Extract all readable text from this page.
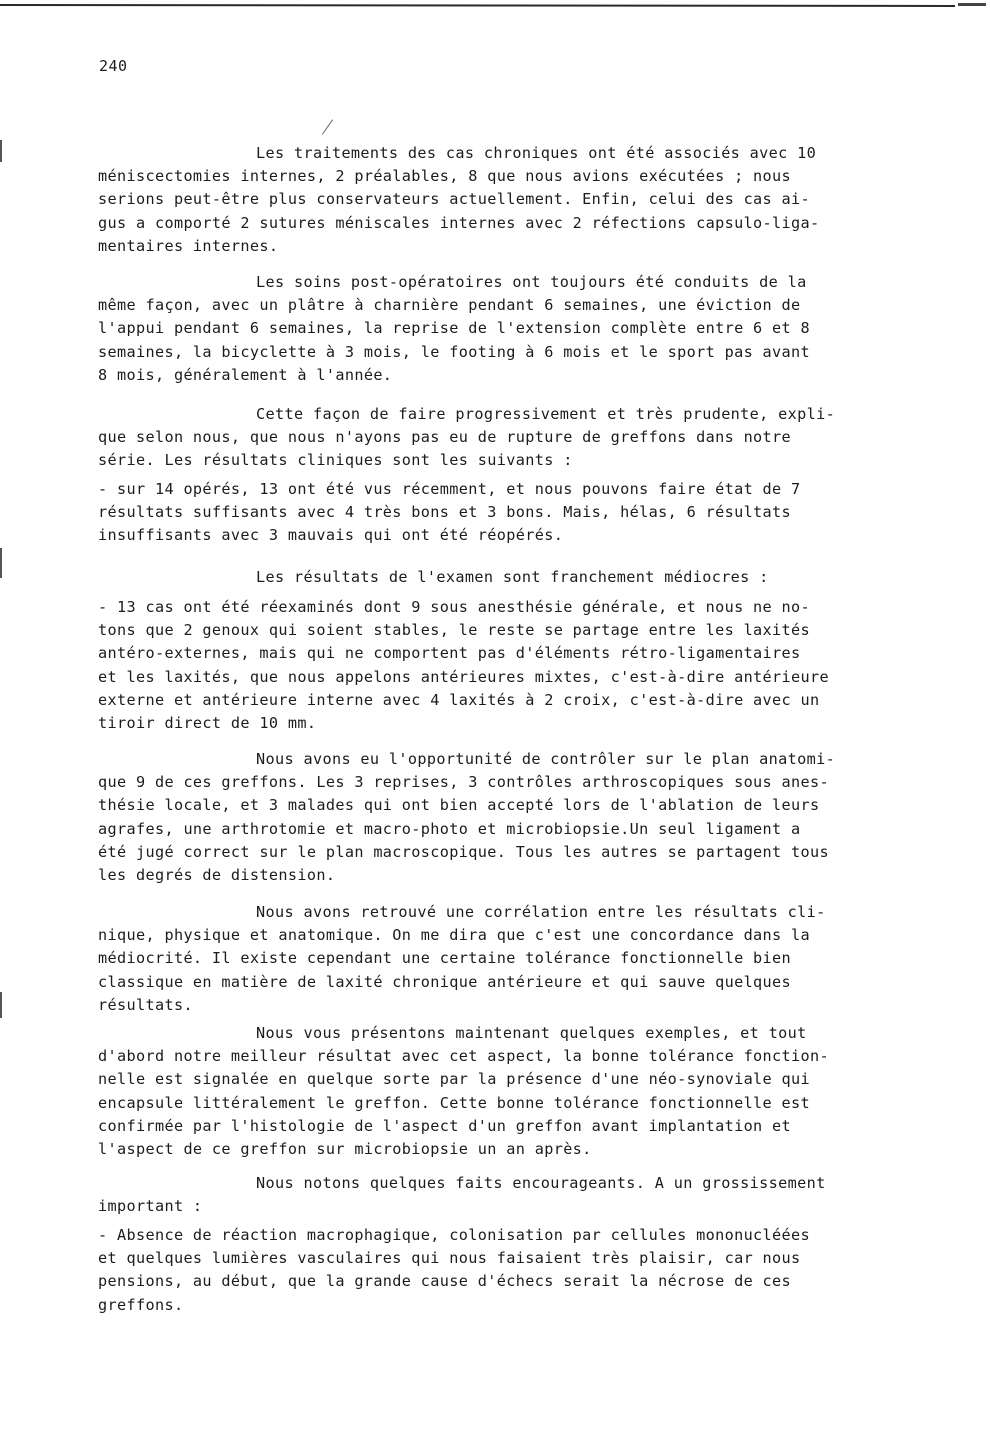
240
Les traitements des cas chroniques ont été associés avec 10
méniscectomies internes, 2 préalables, 8 que nous avions exécutées ; nous
serions peut-être plus conservateurs actuellement. Enfin, celui des cas ai-
gus a comporté 2 sutures méniscales internes avec 2 réfections capsulo-liga-
mentaires internes.
Les soins post-opératoires ont toujours été conduits de la
même façon, avec un plâtre à charnière pendant 6 semaines, une éviction de
l'appui pendant 6 semaines, la reprise de l'extension complète entre 6 et 8
semaines, la bicyclette à 3 mois, le footing à 6 mois et le sport pas avant
8 mois, généralement à l'année.
Cette façon de faire progressivement et très prudente, expli-
que selon nous, que nous n'ayons pas eu de rupture de greffons dans notre
série. Les résultats cliniques sont les suivants :
- sur 14 opérés, 13 ont été vus récemment, et nous pouvons faire état de 7
résultats suffisants avec 4 très bons et 3 bons. Mais, hélas, 6 résultats
insuffisants avec 3 mauvais qui ont été réopérés.
Les résultats de l'examen sont franchement médiocres :
- 13 cas ont été réexaminés dont 9 sous anesthésie générale, et nous ne no-
tons que 2 genoux qui soient stables, le reste se partage entre les laxités
antéro-externes, mais qui ne comportent pas d'éléments rétro-ligamentaires
et les laxités, que nous appelons antérieures mixtes, c'est-à-dire antérieure
externe et antérieure interne avec 4 laxités à 2 croix, c'est-à-dire avec un
tiroir direct de 10 mm.
Nous avons eu l'opportunité de contrôler sur le plan anatomi-
que 9 de ces greffons. Les 3 reprises, 3 contrôles arthroscopiques sous anes-
thésie locale, et 3 malades qui ont bien accepté lors de l'ablation de leurs
agrafes, une arthrotomie et macro-photo et microbiopsie.Un seul ligament a
été jugé correct sur le plan macroscopique. Tous les autres se partagent tous
les degrés de distension.
Nous avons retrouvé une corrélation entre les résultats cli-
nique, physique et anatomique. On me dira que c'est une concordance dans la
médiocrité. Il existe cependant une certaine tolérance fonctionnelle bien
classique en matière de laxité chronique antérieure et qui sauve quelques
résultats.
Nous vous présentons maintenant quelques exemples, et tout
d'abord notre meilleur résultat avec cet aspect, la bonne tolérance fonction-
nelle est signalée en quelque sorte par la présence d'une néo-synoviale qui
encapsule littéralement le greffon. Cette bonne tolérance fonctionnelle est
confirmée par l'histologie de l'aspect d'un greffon avant implantation et
l'aspect de ce greffon sur microbiopsie un an après.
Nous notons quelques faits encourageants. A un grossissement
important :
- Absence de réaction macrophagique, colonisation par cellules mononucléées
et quelques lumières vasculaires qui nous faisaient très plaisir, car nous
pensions, au début, que la grande cause d'échecs serait la nécrose de ces
greffons.
